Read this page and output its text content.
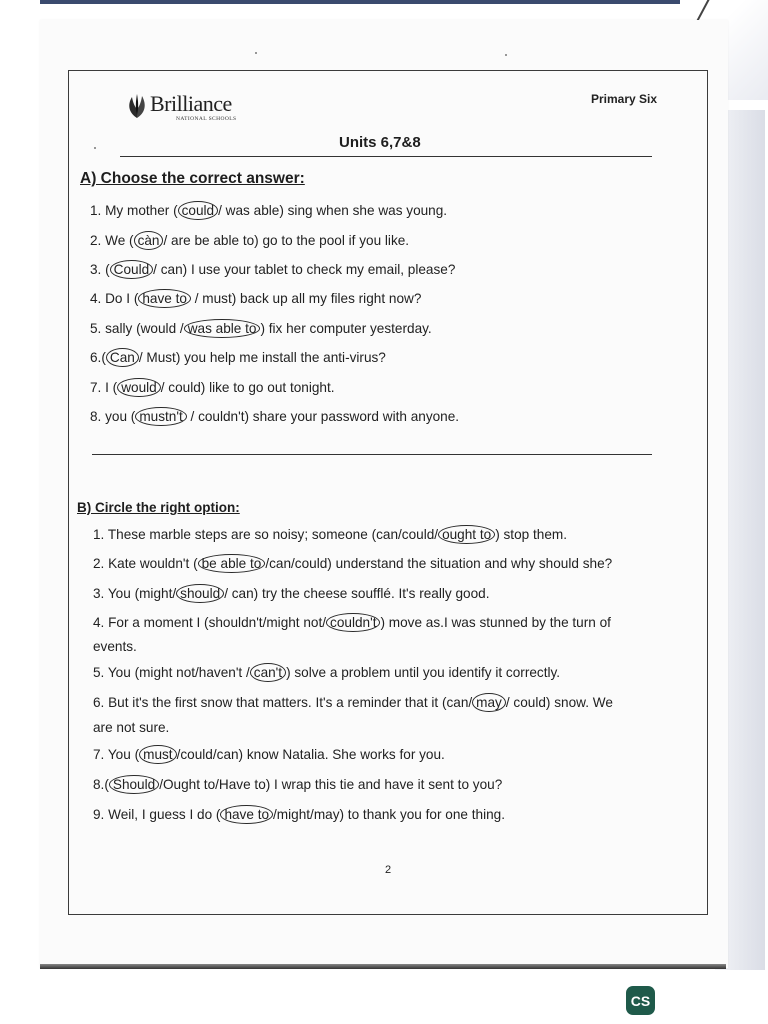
Brilliance
NATIONAL SCHOOLS
Primary Six
Units 6,7&8
A) Choose the correct answer:
1. My mother ( could / was able) sing when she was young.
2. We ( càn / are be able to) go to the pool if you like.
3. ( Could / can) I use your tablet to check my email, please?
4. Do I ( have to / must) back up all my files right now?
5. sally (would / was able to ) fix her computer yesterday.
6.( Can / Must) you help me install the anti-virus?
7. I ( would / could) like to go out tonight.
8. you ( mustn't / couldn't) share your password with anyone.
B) Circle the right option:
1. These marble steps are so noisy; someone (can/could/ ought to ) stop them.
2. Kate wouldn't ( be able to /can/could) understand the situation and why should she?
3. You (might/ should / can) try the cheese soufflé. It's really good.
4. For a moment I (shouldn't/might not/ couldn't ) move as.I was stunned by the turn of
events.
5. You (might not/haven't / can't ) solve a problem until you identify it correctly.
6. But it's the first snow that matters. It's a reminder that it (can/ may / could) snow. We
are not sure.
7. You ( must /could/can) know Natalia. She works for you.
8.( Should /Ought to/Have to) I wrap this tie and have it sent to you?
9. Weil, I guess I do ( have to /might/may) to thank you for one thing.
2
CS
